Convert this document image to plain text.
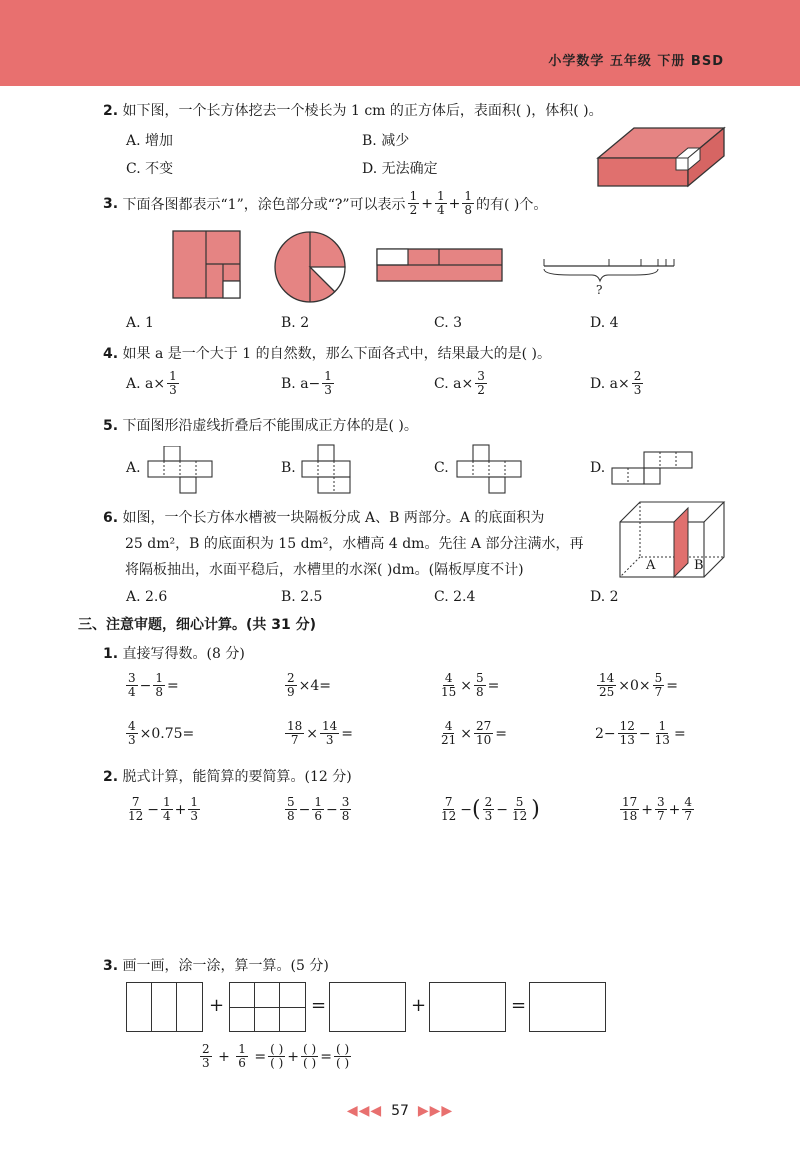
小学数学 五年级 下册 BSD
2. 如下图，一个长方体挖去一个棱长为 1 cm 的正方体后，表面积( )，体积( )。
A. 增加	B. 减少
C. 不变	D. 无法确定
3.
下面各图都表示“1”，涂色部分或“?”可以表示 $\frac{1}{2} + \frac{1}{4} + \frac{1}{8}$ 的有( )个。
?
A. 1	B. 2	C. 3	D. 4
4. 如果 a 是一个大于 1 的自然数，那么下面各式中，结果最大的是( )。
A.
$a\times \frac{1}{3}$	B.
$a- \frac{1}{3}$	C.
$a\times \frac{3}{2}$	D.
$a\times \frac{2}{3}$
5. 下面图形沿虚线折叠后不能围成正方体的是( )。
A.	B.	C.	D.
6. 如图，一个长方体水槽被一块隔板分成 A、B 两部分。A 的底面积为
25 dm²，B 的底面积为 15 dm²，水槽高 4 dm。先往 A 部分注满水，再
将隔板抽出，水面平稳后，水槽里的水深( )dm。(隔板厚度不计)	A	B
A. 2.6	B. 2.5	C. 2.4	D. 2
三、注意审题，细心计算。(共 31 分)
1. 直接写得数。(8 分)
$\frac{3}{4} - \frac{1}{8}$ =	$\frac{2}{9} \times 4=$	$\frac{4}{15} \times \frac{5}{8}$ =	$\frac{14}{25} \times 0\times \frac{5}{7}$ =
$\frac{4}{3} \times 0.75=$	$\frac{18}{7} \times \frac{14}{3}$ =	$\frac{4}{21} \times \frac{27}{10}$ =	$2- \frac{12}{13} - \frac{1}{13}$ =
2. 脱式计算，能简算的要简算。(12 分)
$\frac{7}{12} - \frac{1}{4} + \frac{1}{3}$	$\frac{5}{8} - \frac{1}{6} - \frac{3}{8}$	$\frac{7}{12}$ − ( $\frac{2}{3} - \frac{5}{12}$ )	$\frac{17}{18} + \frac{3}{7} + \frac{4}{7}$
3. 画一画，涂一涂，算一算。(5 分)
+	=	+	=
$\frac{2}{3} + \frac{1}{6} = \frac{( )}{( )} + \frac{( )}{( )} = \frac{( )}{( )}$
◀◀◀ 57 ▶▶▶
